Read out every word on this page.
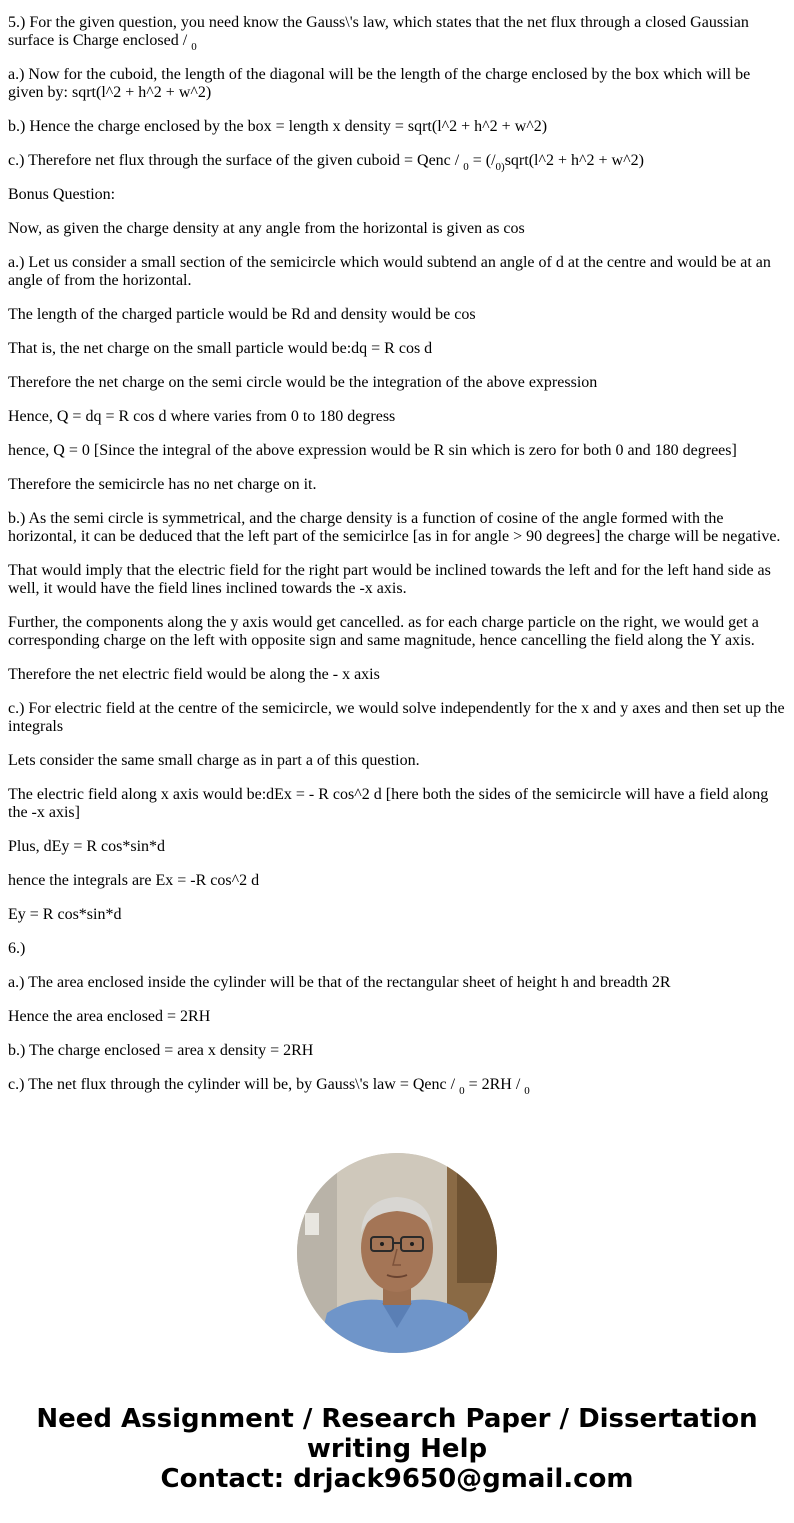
5.) For the given question, you need know the Gauss\'s law, which states that the net flux through a closed Gaussian surface is Charge enclosed / $_0$

a.) Now for the cuboid, the length of the diagonal will be the length of the charge enclosed by the box which will be given by: sqrt(l^2 + h^2 + w^2)

b.) Hence the charge enclosed by the box = length x density = sqrt(l^2 + h^2 + w^2)

c.) Therefore net flux through the surface of the given cuboid = Qenc / $_0 = (/_{0)}sqrt(l\^{}2$ + h^2 + w^2)

Bonus Question:

Now, as given the charge density at any angle from the horizontal is given as cos

a.) Let us consider a small section of the semicircle which would subtend an angle of d at the centre and would be at an angle of from the horizontal.

The length of the charged particle would be Rd and density would be cos

That is, the net charge on the small particle would be:dq = R cos d

Therefore the net charge on the semi circle would be the integration of the above expression

Hence, Q = dq = R cos d where varies from 0 to 180 degress

hence, Q = 0 [Since the integral of the above expression would be R sin which is zero for both 0 and 180 degrees]

Therefore the semicircle has no net charge on it.

b.) As the semi circle is symmetrical, and the charge density is a function of cosine of the angle formed with the horizontal, it can be deduced that the left part of the semicirlce [as in for angle > 90 degrees] the charge will be negative.

That would imply that the electric field for the right part would be inclined towards the left and for the left hand side as well, it would have the field lines inclined towards the -x axis.

Further, the components along the y axis would get cancelled. as for each charge particle on the right, we would get a corresponding charge on the left with opposite sign and same magnitude, hence cancelling the field along the Y axis.

Therefore the net electric field would be along the - x axis

c.) For electric field at the centre of the semicircle, we would solve independently for the x and y axes and then set up the integrals

Lets consider the same small charge as in part a of this question.

The electric field along x axis would be:dEx = - R cos^2 d [here both the sides of the semicircle will have a field along the -x axis]

Plus, dEy = R cos*sin*d

hence the integrals are Ex = -R cos^2 d

Ey = R cos*sin*d

6.)

a.) The area enclosed inside the cylinder will be that of the rectangular sheet of height h and breadth 2R

Hence the area enclosed = 2RH

b.) The charge enclosed = area x density = 2RH

c.) The net flux through the cylinder will be, by Gauss\'s law = Qenc / $_0$ = 2RH / $_0$

Need Assignment / Research Paper / Dissertation writing Help
Contact: drjack9650@gmail.com
